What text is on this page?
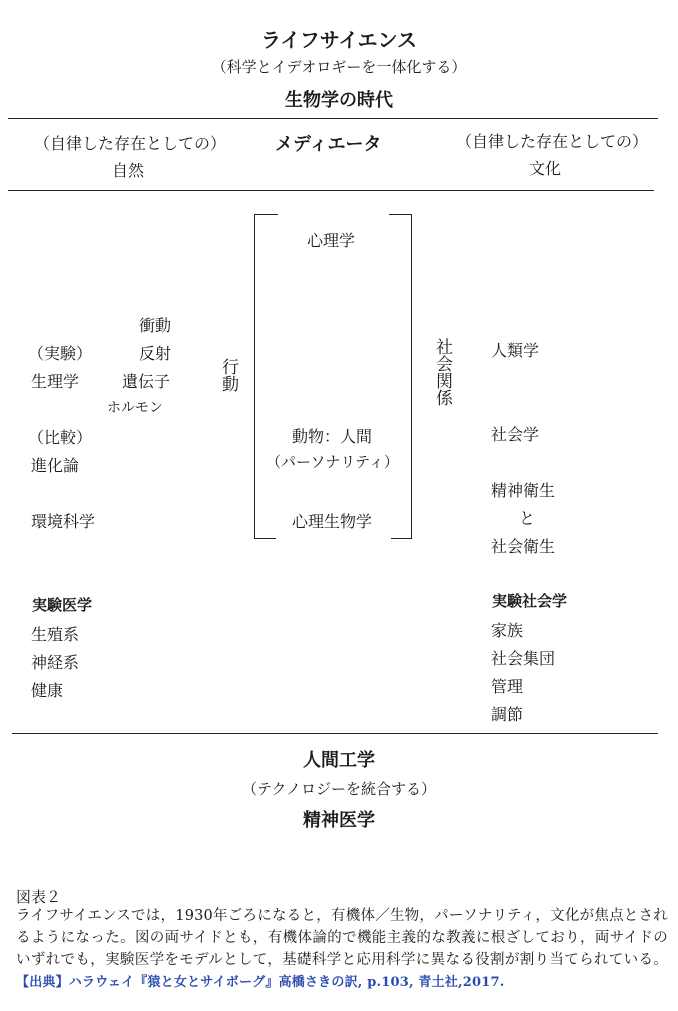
ライフサイエンス
（科学とイデオロギーを一体化する）
生物学の時代
（自律した存在としての）
自然
メディエータ	（自律した存在としての）
文化
心理学
動物：人間
（パーソナリティ）
心理生物学
行動	社会関係
衝動
（実験）	反射
生理学	遺伝子
ホルモン
（比較）
進化論
環境科学
実験医学
生殖系
神経系
健康
人類学
社会学
精神衛生
と
社会衛生
実験社会学
家族
社会集団
管理
調節
人間工学
（テクノロジーを統合する）
精神医学
図表２
ライフサイエンスでは，1930年ごろになると，有機体／生物，パーソナリティ，文化が焦点とされるようになった。図の両サイドとも，有機体論的で機能主義的な教義に根ざしており，両サイドのいずれでも，実験医学をモデルとして，基礎科学と応用科学に異なる役割が割り当てられている。 【出典】ハラウェイ『猿と女とサイボーグ』高橋さきの訳, p.103, 青土社,2017.
